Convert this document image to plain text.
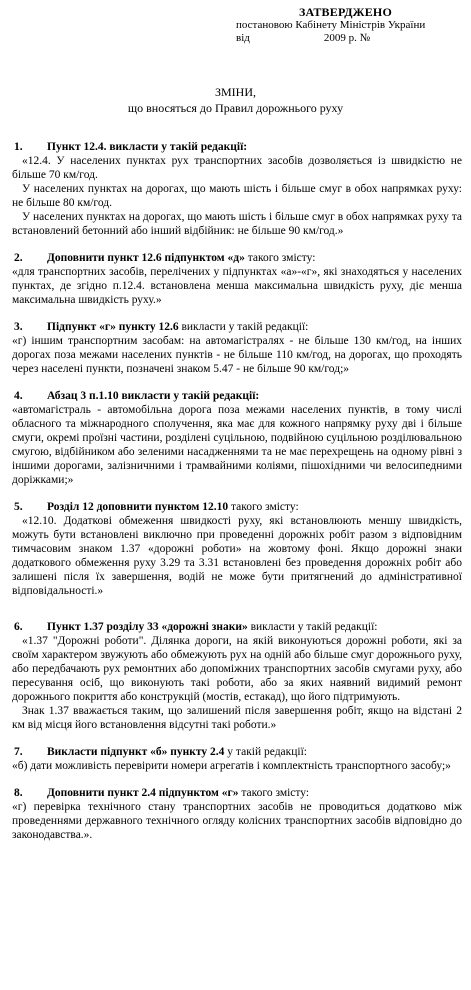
ЗАТВЕРДЖЕНО
постановою Кабінету Міністрів України
від	2009 р. №
ЗМІНИ,
що вносяться до Правил дорожнього руху
1.	Пункт 12.4. викласти у такій редакції:

«12.4. У населених пунктах рух транспортних засобів дозволяється із швидкістю не більше 70 км/год.

У населених пунктах на дорогах, що мають шість і більше смуг в обох напрямках руху: не більше 80 км/год.

У населених пунктах на дорогах, що мають шість і більше смуг в обох напрямках руху та встановлений бетонний або інший відбійник: не більше 90 км/год.»

2.	Доповнити пункт 12.6 підпунктом «д» такого змісту:

«для транспортних засобів, перелічених у підпунктах «а»-«г», які знаходяться у населених пунктах, де згідно п.12.4. встановлена менша максимальна швидкість руху, діє менша максимальна швидкість руху.»

3.	Підпункт «г» пункту 12.6 викласти у такій редакції:

«г) іншим транспортним засобам: на автомагістралях - не більше 130 км/год, на інших дорогах поза межами населених пунктів - не більше 110 км/год, на дорогах, що проходять через населені пункти, позначені знаком 5.47 - не більше 90 км/год;»

4.	Абзац 3 п.1.10 викласти у такій редакції:

«автомагістраль - автомобільна дорога поза межами населених пунктів, в тому числі обласного та міжнародного сполучення, яка має для кожного напрямку руху дві і більше смуги, окремі проїзні частини, розділені суцільною, подвійною суцільною розділювальною смугою, відбійником або зеленими насадженнями та не має перехрещень на одному рівні з іншими дорогами, залізничними і трамвайними коліями, пішохідними чи велосипедними доріжками;»

5.	Розділ 12 доповнити пунктом 12.10 такого змісту:

«12.10. Додаткові обмеження швидкості руху, які встановлюють меншу швидкість, можуть бути встановлені виключно при проведенні дорожніх робіт разом з відповідним тимчасовим знаком 1.37 «дорожні роботи» на жовтому фоні. Якщо дорожні знаки додаткового обмеження руху 3.29 та 3.31 встановлені без проведення дорожніх робіт або залишені після їх завершення, водій не може бути притягнений до адміністративної відповідальності.»

6.	Пункт 1.37 розділу 33 «дорожні знаки» викласти у такій редакції:

«1.37 "Дорожні роботи". Ділянка дороги, на якій виконуються дорожні роботи, які за своїм характером звужують або обмежують рух на одній або більше смуг дорожнього руху, або передбачають рух ремонтних або допоміжних транспортних засобів смугами руху, або пересування осіб, що виконують такі роботи, або за яких наявний видимий ремонт дорожнього покриття або конструкцій (мостів, естакад), що його підтримують.

Знак 1.37 вважається таким, що залишений після завершення робіт, якщо на відстані 2 км від місця його встановлення відсутні такі роботи.»

7.	Викласти підпункт «б» пункту 2.4 у такій редакції:

«б) дати можливість перевірити номери агрегатів і комплектність транспортного засобу;»

8.	Доповнити пункт 2.4 підпунктом «г» такого змісту:

«г) перевірка технічного стану транспортних засобів не проводиться додатково між проведеннями державного технічного огляду колісних транспортних засобів відповідно до законодавства.».
